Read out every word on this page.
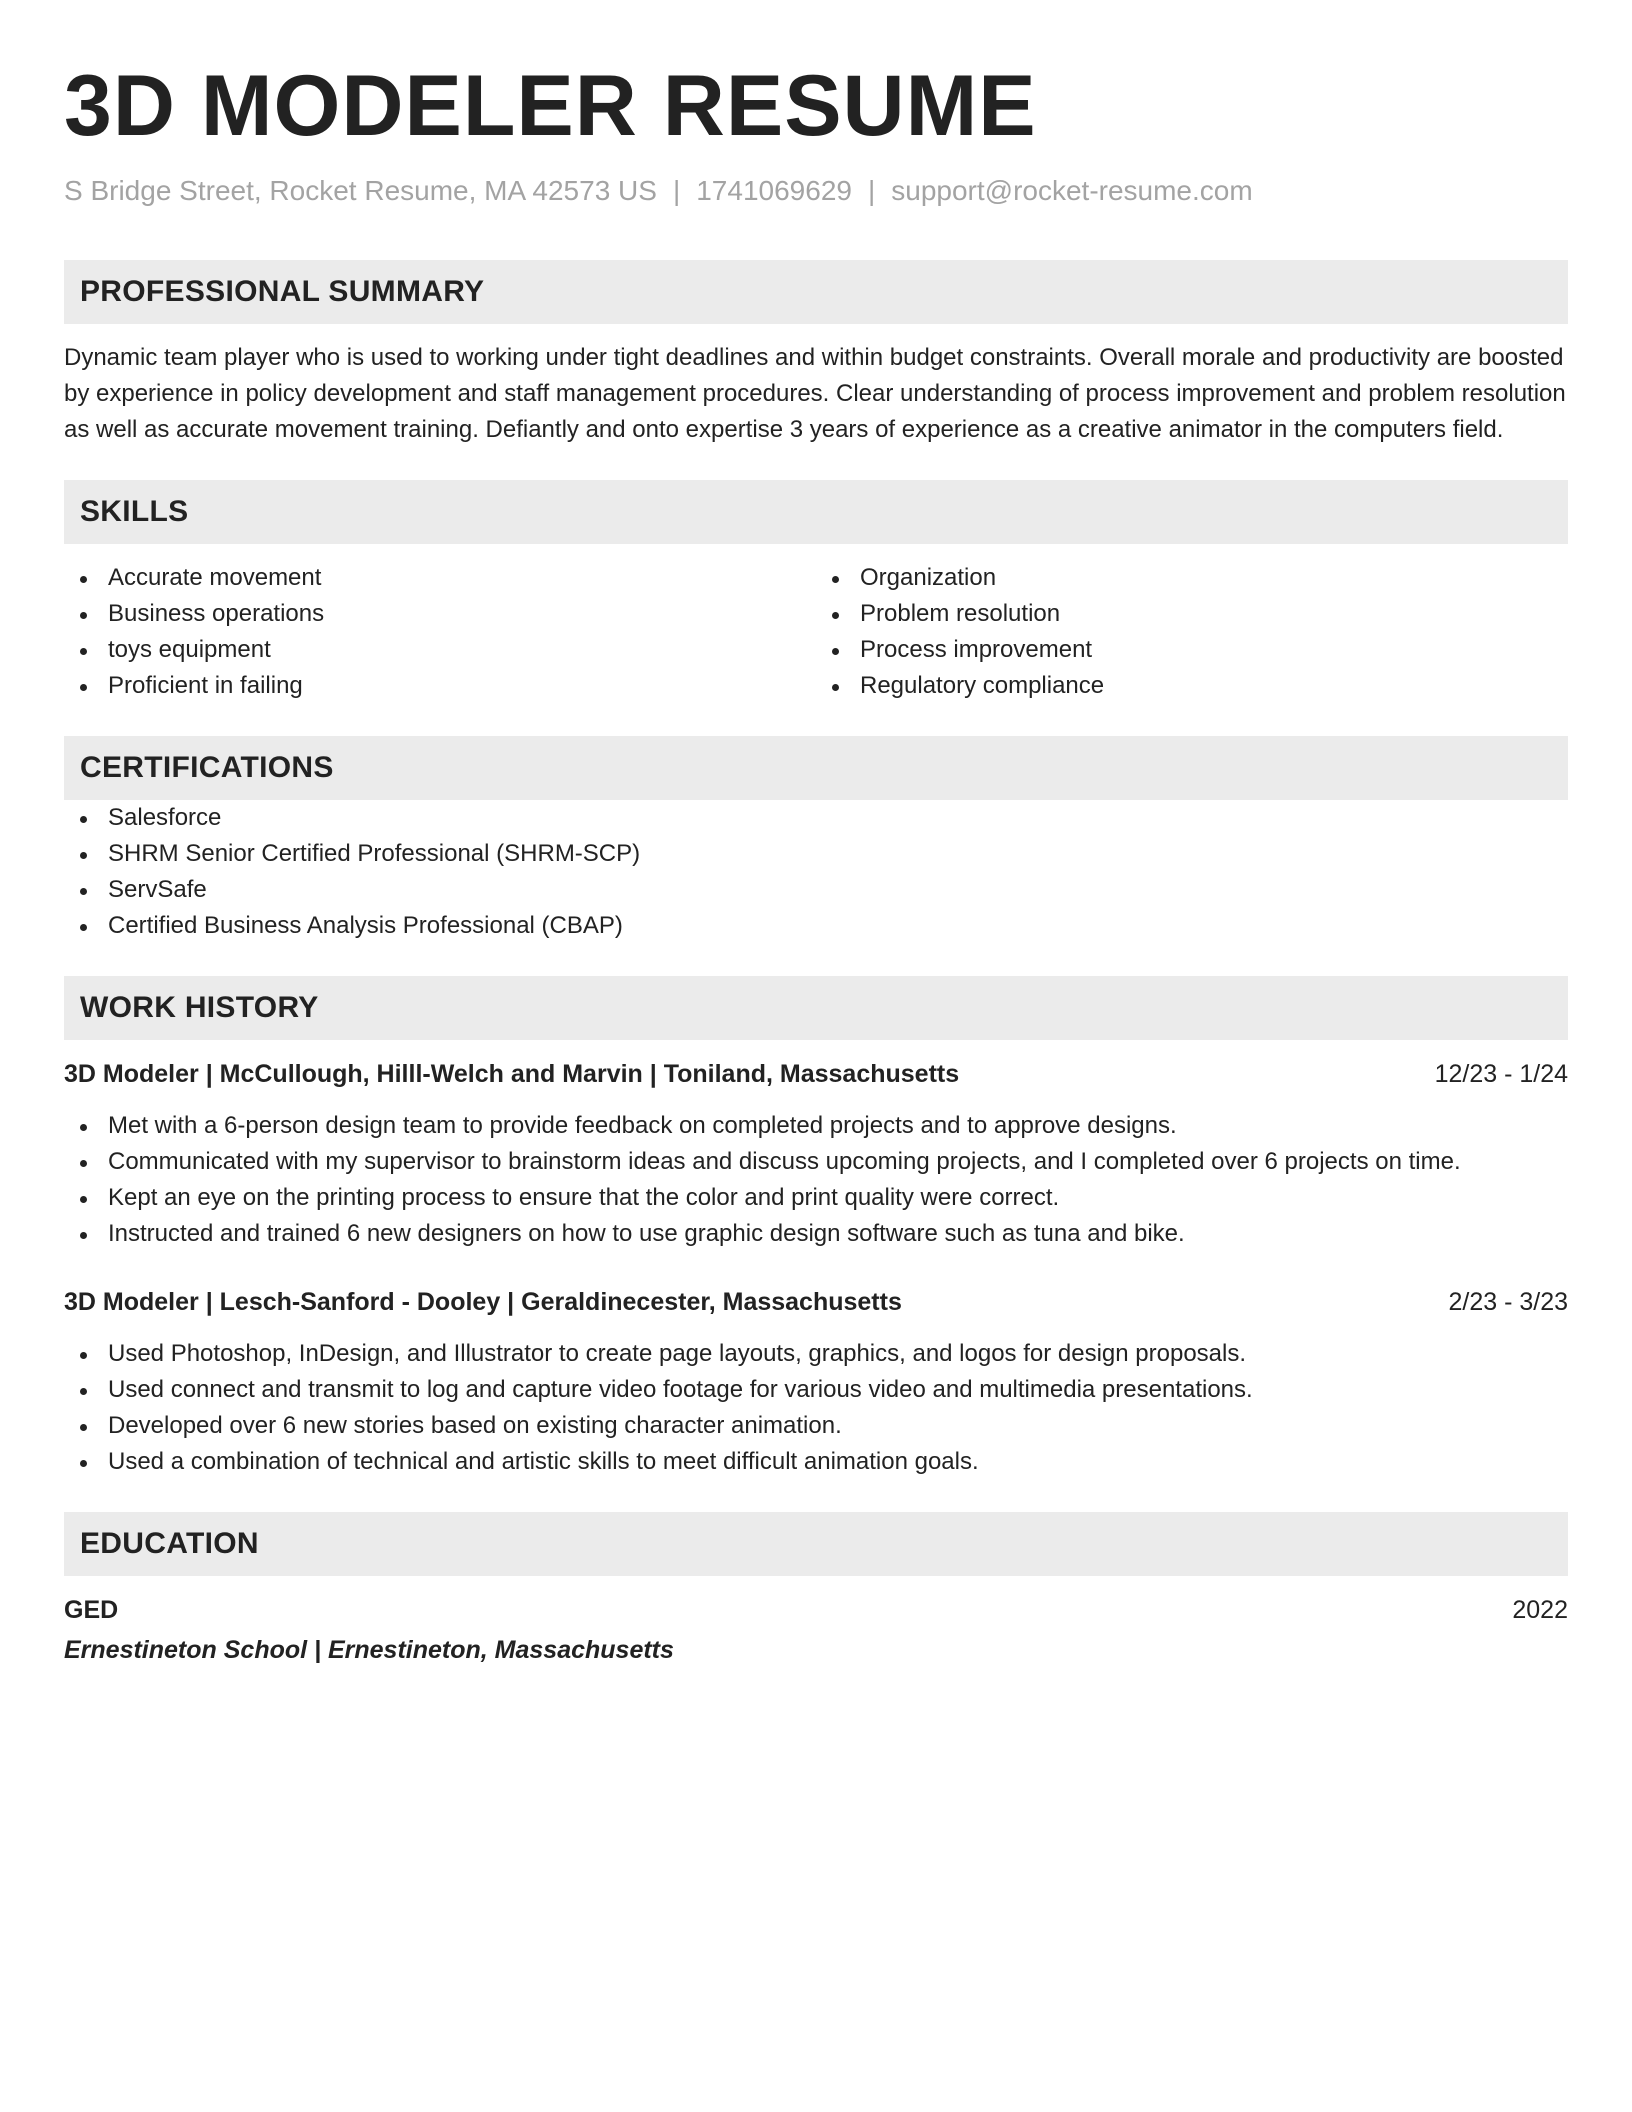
3D MODELER RESUME
S Bridge Street, Rocket Resume, MA 42573 US | 1741069629 | support@rocket-resume.com
PROFESSIONAL SUMMARY

Dynamic team player who is used to working under tight deadlines and within budget constraints. Overall morale and productivity are boosted by experience in policy development and staff management procedures. Clear understanding of process improvement and problem resolution as well as accurate movement training. Defiantly and onto expertise 3 years of experience as a creative animator in the computers field.

SKILLS
Accurate movement
Business operations
toys equipment
Proficient in failing
Organization
Problem resolution
Process improvement
Regulatory compliance
CERTIFICATIONS
Salesforce
SHRM Senior Certified Professional (SHRM-SCP)
ServSafe
Certified Business Analysis Professional (CBAP)
WORK HISTORY
3D Modeler | McCullough, Hilll-Welch and Marvin | Toniland, Massachusetts	12/23 - 1/24
Met with a 6-person design team to provide feedback on completed projects and to approve designs.
Communicated with my supervisor to brainstorm ideas and discuss upcoming projects, and I completed over 6 projects on time.
Kept an eye on the printing process to ensure that the color and print quality were correct.
Instructed and trained 6 new designers on how to use graphic design software such as tuna and bike.
3D Modeler | Lesch-Sanford - Dooley | Geraldinecester, Massachusetts	2/23 - 3/23
Used Photoshop, InDesign, and Illustrator to create page layouts, graphics, and logos for design proposals.
Used connect and transmit to log and capture video footage for various video and multimedia presentations.
Developed over 6 new stories based on existing character animation.
Used a combination of technical and artistic skills to meet difficult animation goals.
EDUCATION
GED	2022
Ernestineton School | Ernestineton, Massachusetts
